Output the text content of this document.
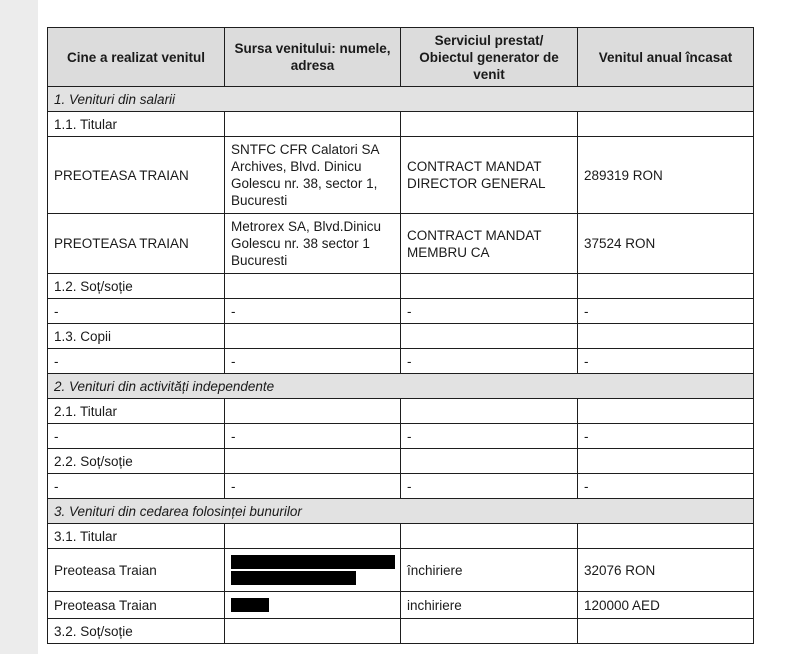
Cine a realizat venitul	Sursa venitului: numele, adresa	Serviciul prestat/ Obiectul generator de venit	Venitul anual încasat
1. Venituri din salarii			
1.1. Titular			
PREOTEASA TRAIAN	SNTFC CFR Calatori SA Archives, Blvd. Dinicu Golescu nr. 38, sector 1, Bucuresti	CONTRACT MANDAT DIRECTOR GENERAL	289319 RON
PREOTEASA TRAIAN	Metrorex SA, Blvd.Dinicu Golescu nr. 38 sector 1 Bucuresti	CONTRACT MANDAT MEMBRU CA	37524 RON
1.2. Soț/soție			
-	-	-	-
1.3. Copii			
-	-	-	-
2. Venituri din activități independente			
2.1. Titular			
-	-	-	-
2.2. Soț/soție			
-	-	-	-
3. Venituri din cedarea folosinței bunurilor			
3.1. Titular			
Preoteasa Traian		închiriere	32076 RON
Preoteasa Traian		inchiriere	120000 AED
3.2. Soț/soție			
